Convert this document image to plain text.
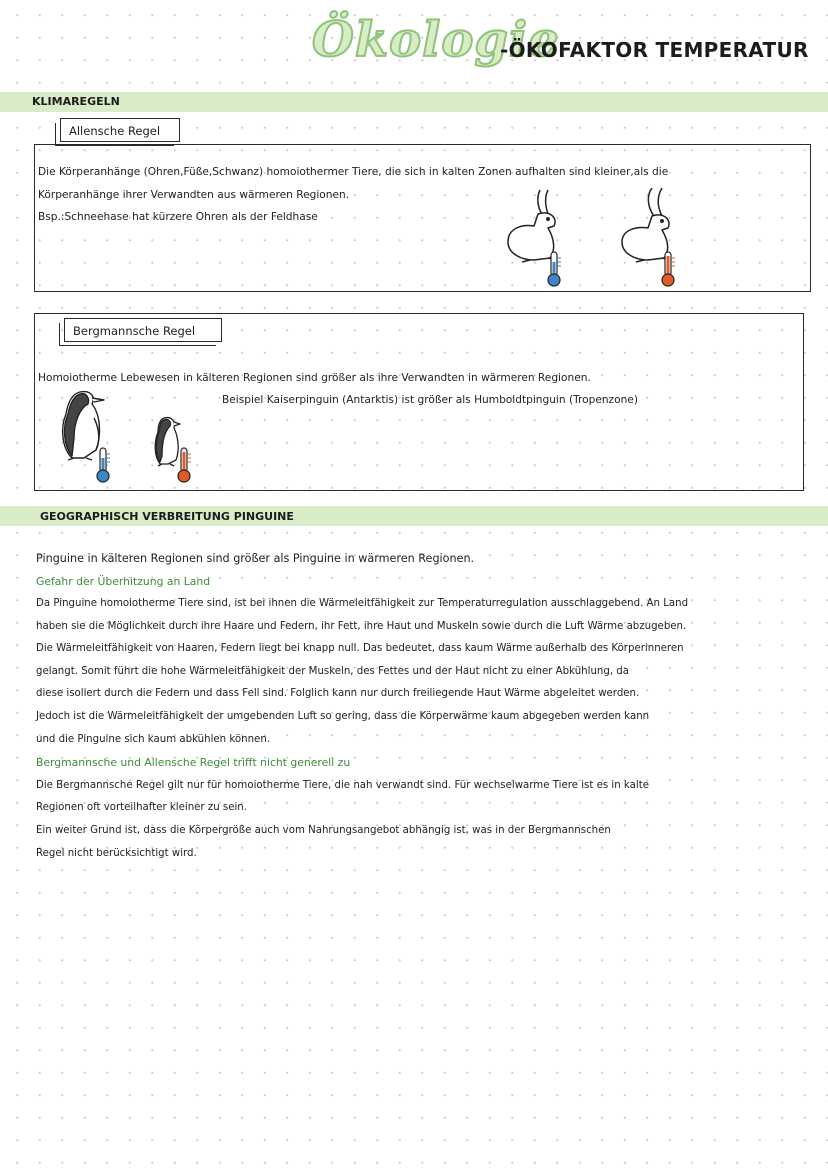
Ökologie
-ÖKOFAKTOR TEMPERATUR
KLIMAREGELN
Allensche Regel
Die Körperanhänge (Ohren,Füße,Schwanz) homoiothermer Tiere, die sich in kalten Zonen aufhalten sind kleiner,als die
Körperanhänge ihrer Verwandten aus wärmeren Regionen.
Bsp.:Schneehase hat kürzere Ohren als der Feldhase
Bergmannsche Regel
Homoiotherme Lebewesen in kälteren Regionen sind größer als ihre Verwandten in wärmeren Regionen.
Beispiel Kaiserpinguin (Antarktis) ist größer als Humboldtpinguin (Tropenzone)
GEOGRAPHISCH VERBREITUNG PINGUINE
Pinguine in kälteren Regionen sind größer als Pinguine in wärmeren Regionen.
Gefahr der Überhitzung an Land
Da Pinguine homoiotherme Tiere sind, ist bei ihnen die Wärmeleitfähigkeit zur Temperaturregulation ausschlaggebend. An Land
haben sie die Möglichkeit durch ihre Haare und Federn, ihr Fett, ihre Haut und Muskeln sowie durch die Luft Wärme abzugeben.
Die Wärmeleitfähigkeit von Haaren, Federn liegt bei knapp null. Das bedeutet, dass kaum Wärme außerhalb des Körperinneren
gelangt. Somit führt die hohe Wärmeleitfähigkeit der Muskeln, des Fettes und der Haut nicht zu einer Abkühlung, da
diese isoliert durch die Federn und dass Fell sind. Folglich kann nur durch freiliegende Haut Wärme abgeleitet werden.
Jedoch ist die Wärmeleitfähigkeit der umgebenden Luft so gering, dass die Körperwärme kaum abgegeben werden kann
und die Pinguine sich kaum abkühlen können.
Bergmannsche und Allensche Regel trifft nicht generell zu
Die Bergmannsche Regel gilt nur für homoiotherme Tiere, die nah verwandt sind. Für wechselwarme Tiere ist es in kalte
Regionen oft vorteilhafter kleiner zu sein.
Ein weiter Grund ist, dass die Körpergröße auch vom Nahrungsangebot abhängig ist, was in der Bergmannschen
Regel nicht berücksichtigt wird.
